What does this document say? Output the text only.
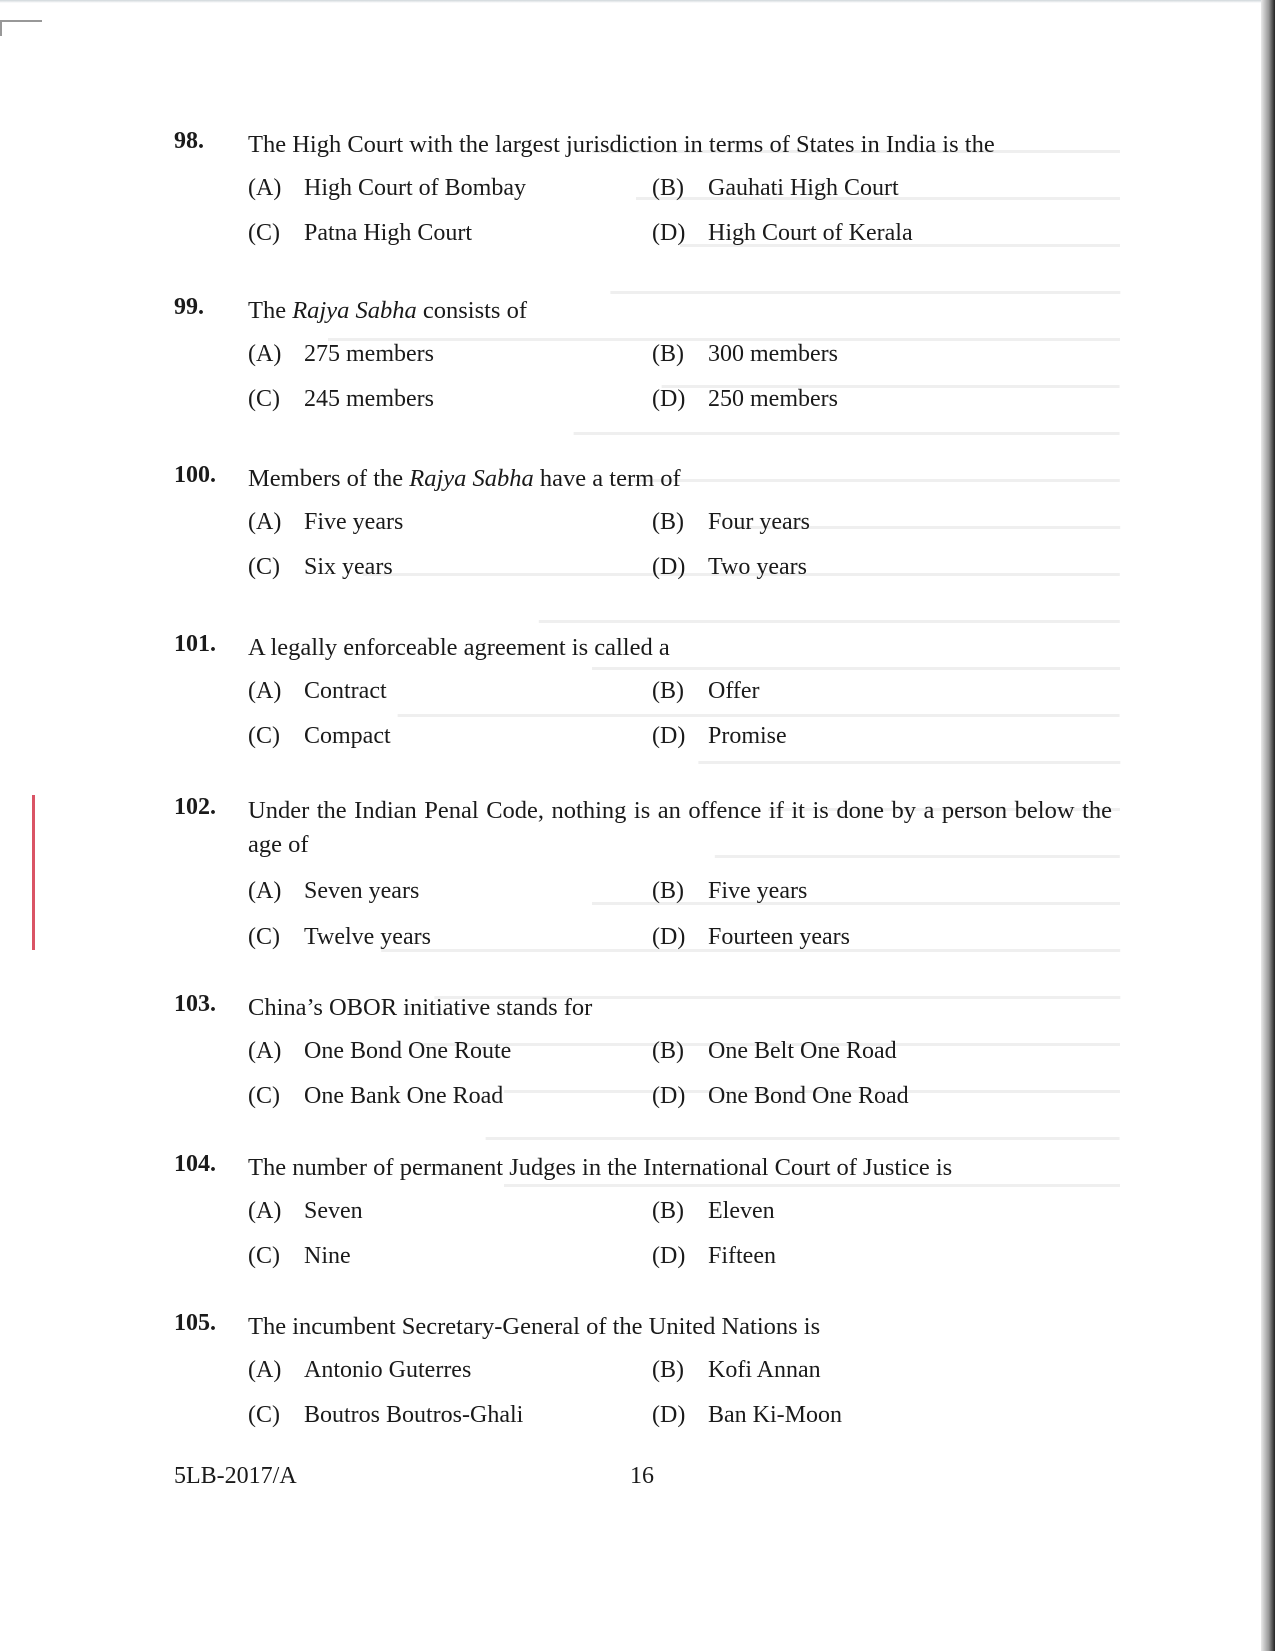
98. The High Court with the largest jurisdiction in terms of States in India is the
(A) High Court of Bombay	(B) Gauhati High Court
(C) Patna High Court	(D) High Court of Kerala
99. The Rajya Sabha consists of
(A) 275 members	(B) 300 members
(C) 245 members	(D) 250 members
100. Members of the Rajya Sabha have a term of
(A) Five years	(B) Four years
(C) Six years	(D) Two years
101. A legally enforceable agreement is called a
(A) Contract	(B) Offer
(C) Compact	(D) Promise
102. Under the Indian Penal Code, nothing is an offence if it is done by a person below the age of
(A) Seven years	(B) Five years
(C) Twelve years	(D) Fourteen years
103. China’s OBOR initiative stands for
(A) One Bond One Route	(B) One Belt One Road
(C) One Bank One Road	(D) One Bond One Road
104. The number of permanent Judges in the International Court of Justice is
(A) Seven	(B) Eleven
(C) Nine	(D) Fifteen
105. The incumbent Secretary-General of the United Nations is
(A) Antonio Guterres	(B) Kofi Annan
(C) Boutros Boutros-Ghali	(D) Ban Ki-Moon
5LB-2017/A	16
